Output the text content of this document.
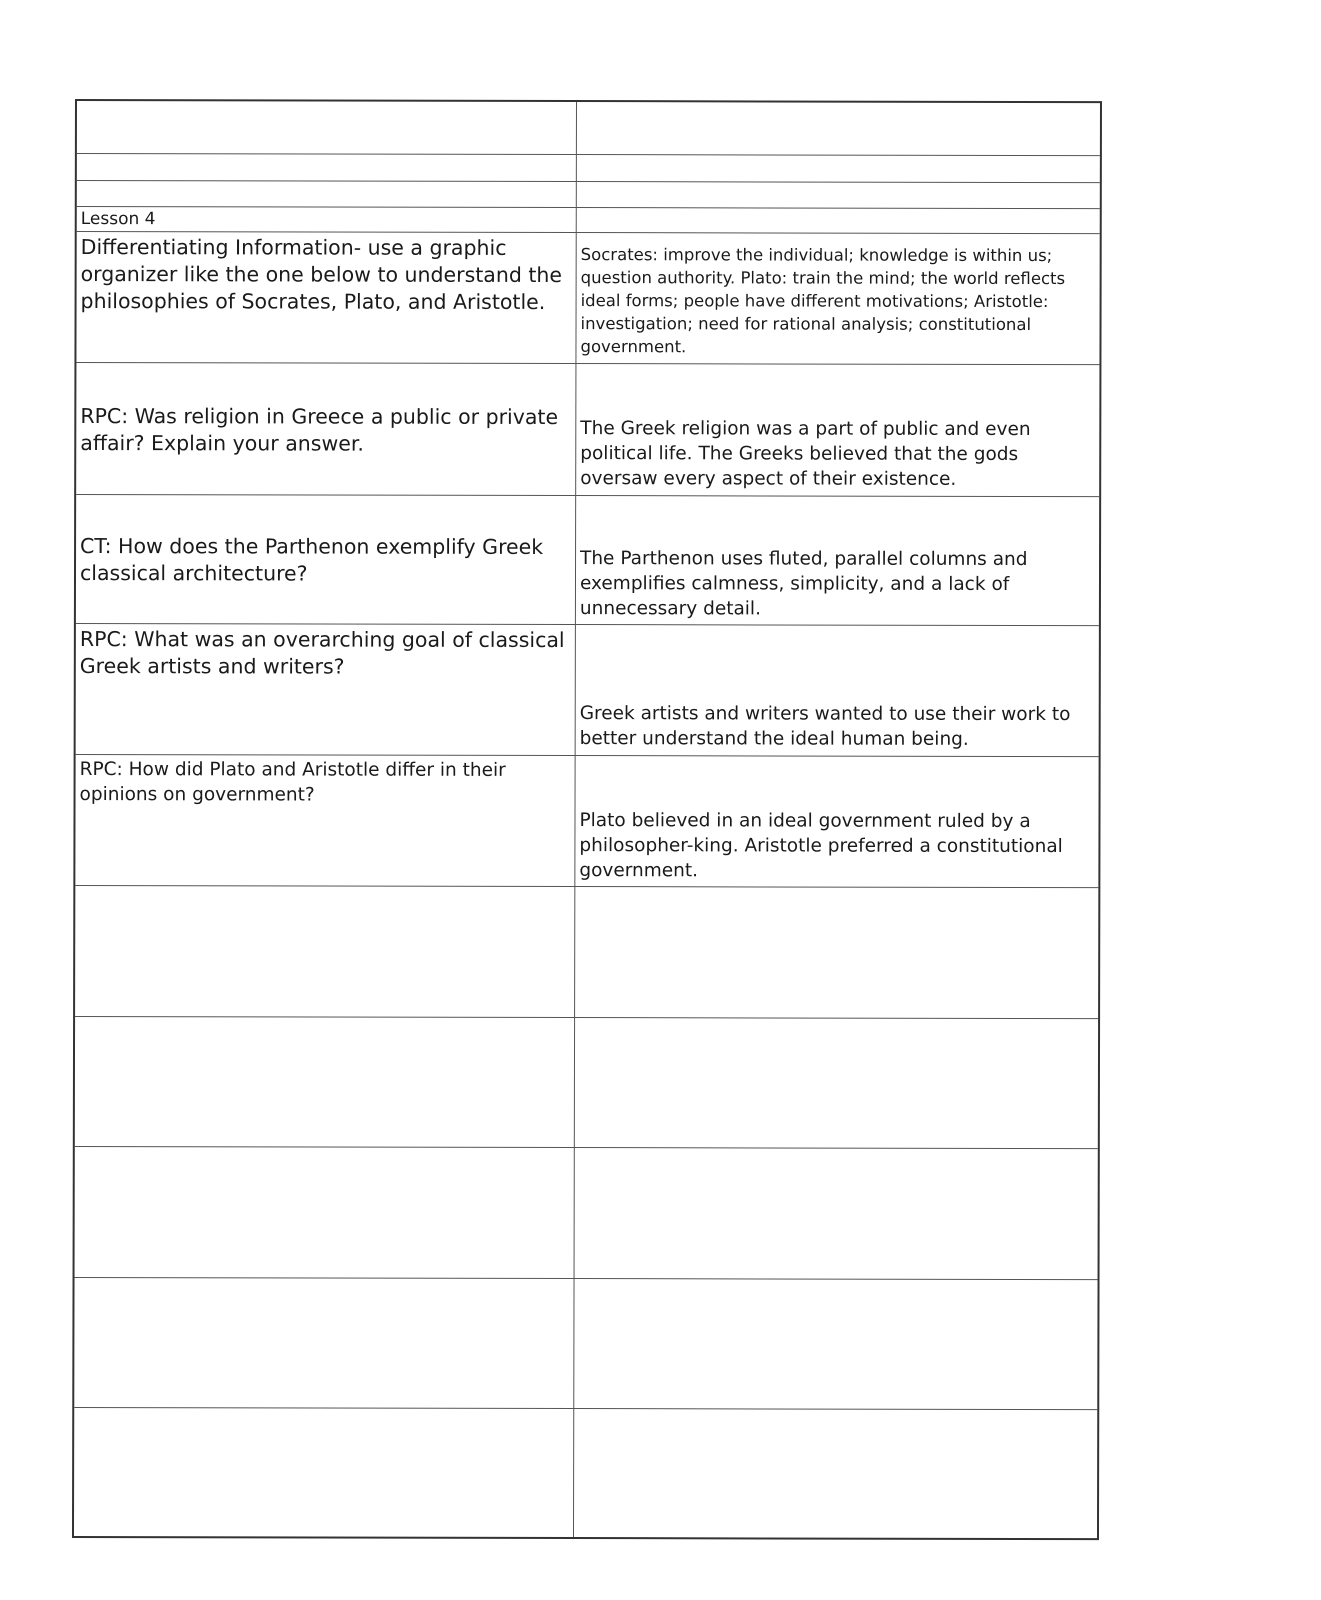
Lesson 4
Differentiating Information- use a graphic organizer like the one below to understand the philosophies of Socrates, Plato, and Aristotle.
Socrates: improve the individual; knowledge is within us; question authority. Plato: train the mind; the world reflects ideal forms; people have different motivations; Aristotle: investigation; need for rational analysis; constitutional government.
RPC: Was religion in Greece a public or private affair? Explain your answer.
The Greek religion was a part of public and even political life. The Greeks believed that the gods oversaw every aspect of their existence.
CT: How does the Parthenon exemplify Greek classical architecture?
The Parthenon uses fluted, parallel columns and exemplifies calmness, simplicity, and a lack of unnecessary detail.
RPC: What was an overarching goal of classical Greek artists and writers?
Greek artists and writers wanted to use their work to better understand the ideal human being.
RPC: How did Plato and Aristotle differ in their opinions on government?
Plato believed in an ideal government ruled by a philosopher-king. Aristotle preferred a constitutional government.
